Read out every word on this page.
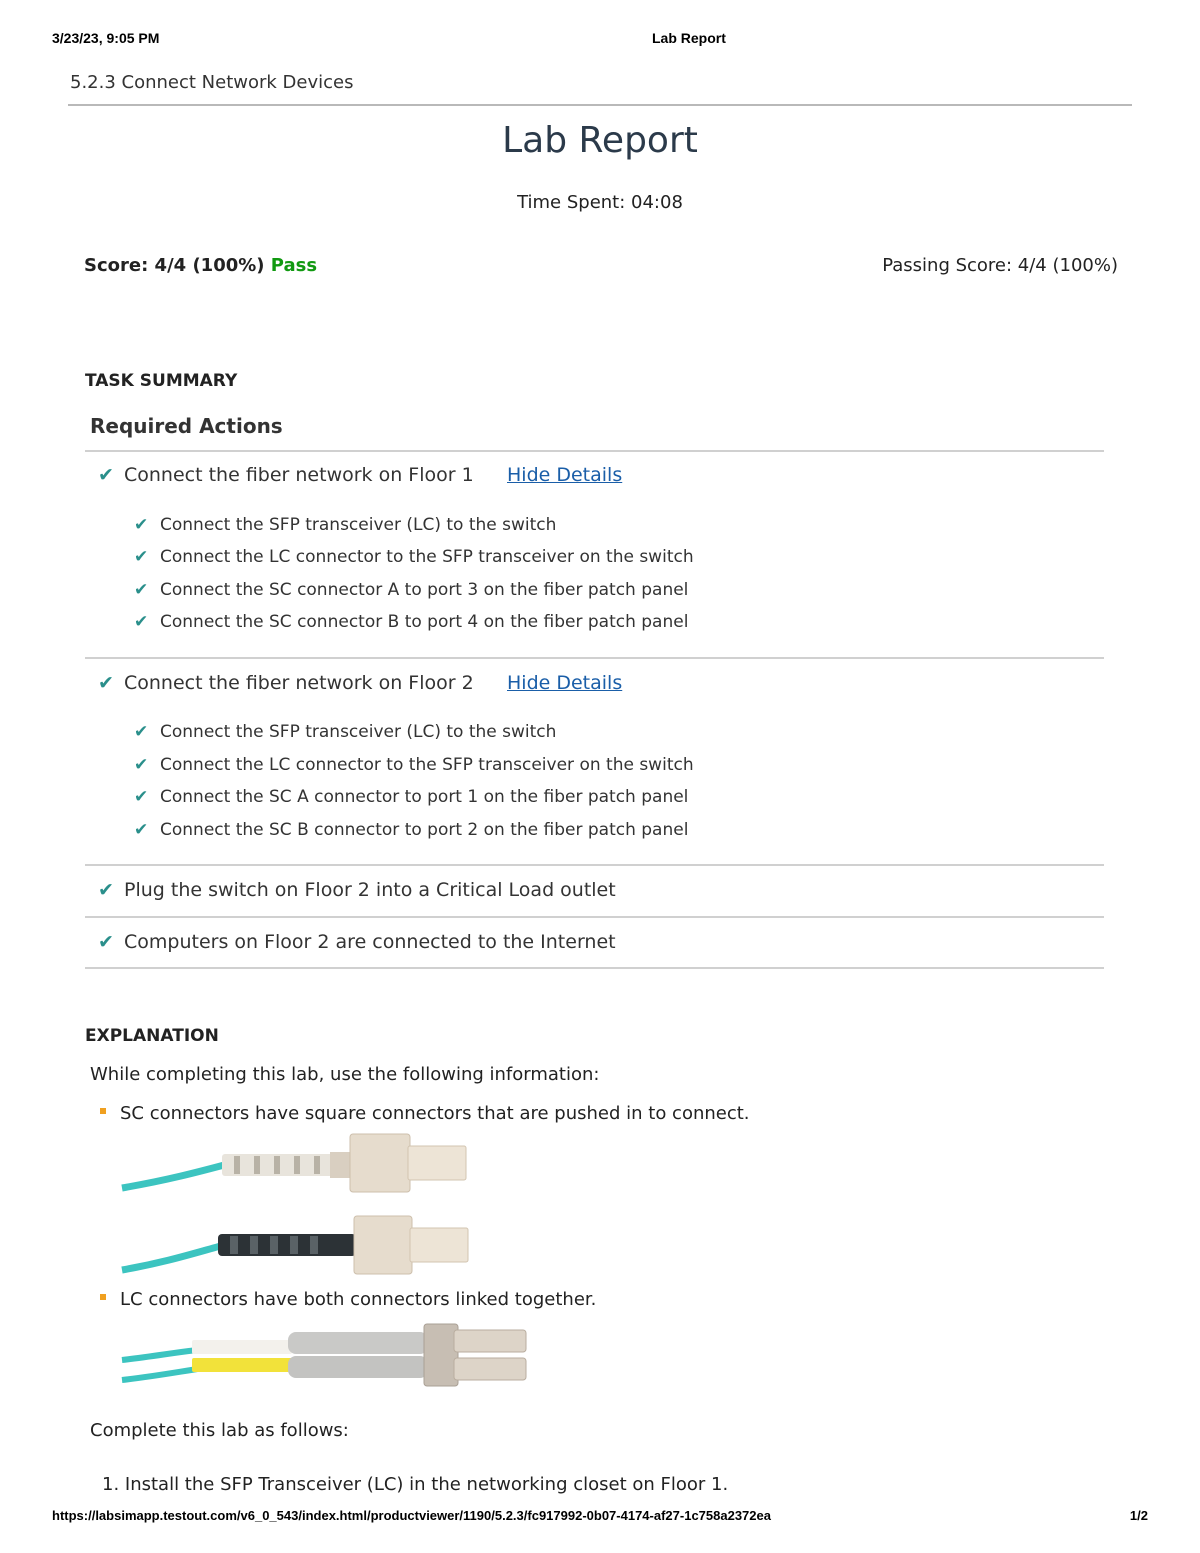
3/23/23, 9:05 PM	Lab Report
5.2.3 Connect Network Devices
Lab Report
Time Spent: 04:08
Score: 4/4 (100%) Pass	Passing Score: 4/4 (100%)
TASK SUMMARY
Required Actions
✔ Connect the fiber network on Floor 1 Hide Details
✔ Connect the SFP transceiver (LC) to the switch
✔ Connect the LC connector to the SFP transceiver on the switch
✔ Connect the SC connector A to port 3 on the fiber patch panel
✔ Connect the SC connector B to port 4 on the fiber patch panel
✔ Connect the fiber network on Floor 2 Hide Details
✔ Connect the SFP transceiver (LC) to the switch
✔ Connect the LC connector to the SFP transceiver on the switch
✔ Connect the SC A connector to port 1 on the fiber patch panel
✔ Connect the SC B connector to port 2 on the fiber patch panel
✔ Plug the switch on Floor 2 into a Critical Load outlet
✔ Computers on Floor 2 are connected to the Internet
EXPLANATION
While completing this lab, use the following information:
SC connectors have square connectors that are pushed in to connect.
LC connectors have both connectors linked together.
Complete this lab as follows:
1. Install the SFP Transceiver (LC) in the networking closet on Floor 1.
https://labsimapp.testout.com/v6_0_543/index.html/productviewer/1190/5.2.3/fc917992-0b07-4174-af27-1c758a2372ea	1/2
